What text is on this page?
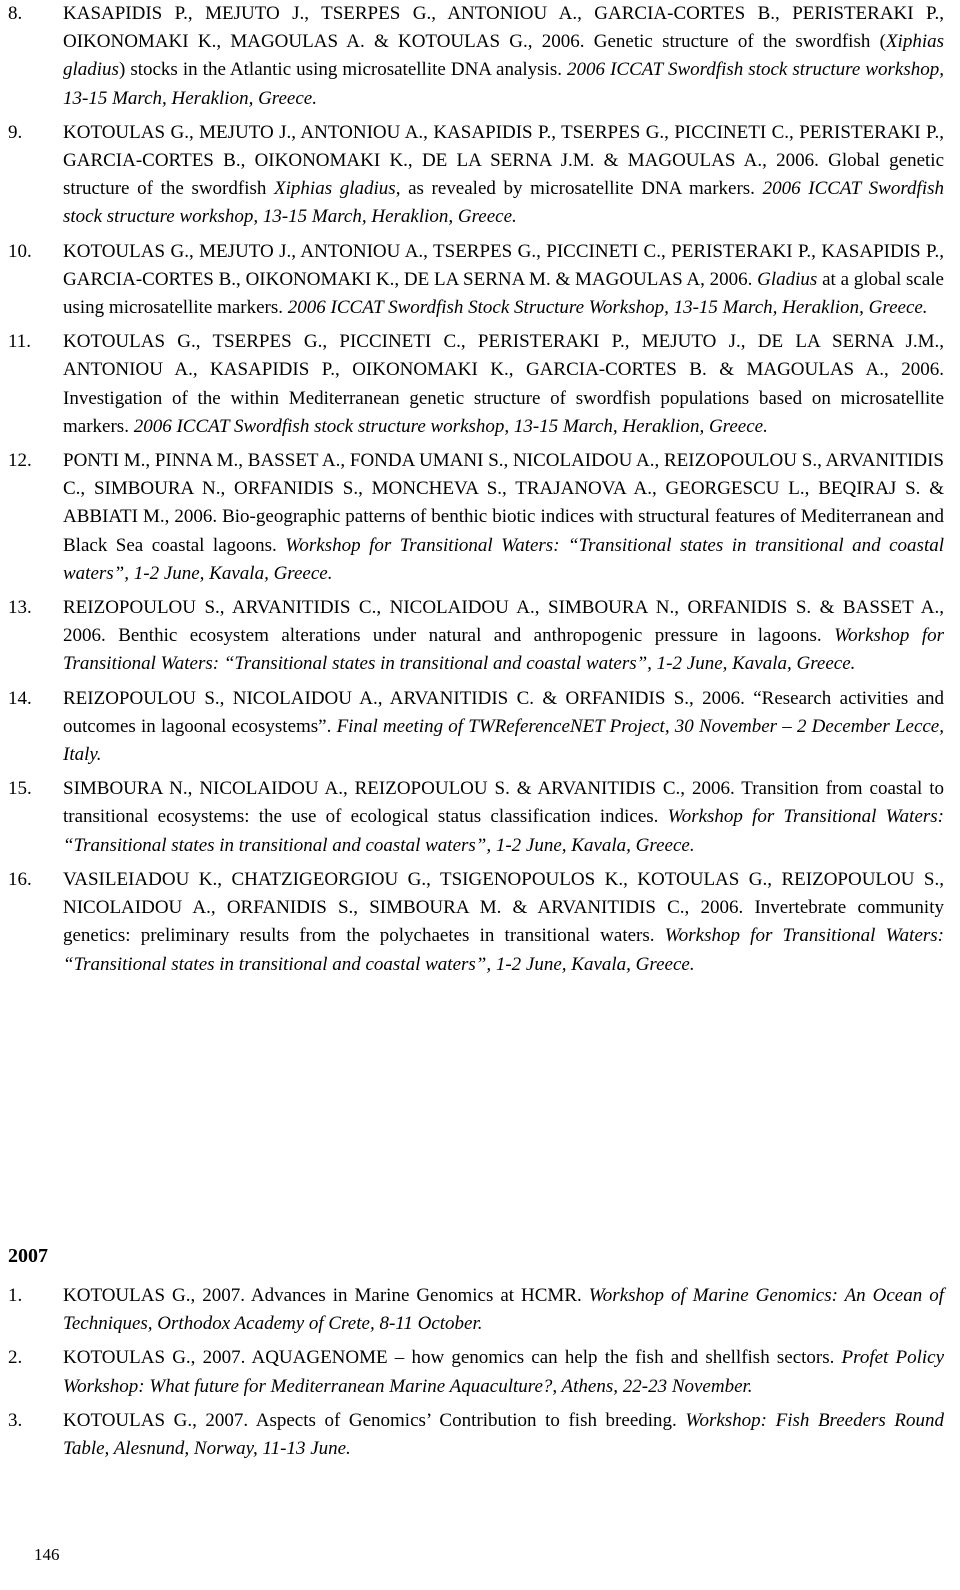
8. KASAPIDIS P., MEJUTO J., TSERPES G., ANTONIOU A., GARCIA-CORTES B., PERISTERAKI P., OIKONOMAKI K., MAGOULAS A. & KOTOULAS G., 2006. Genetic structure of the swordfish (Xiphias gladius) stocks in the Atlantic using microsatellite DNA analysis. 2006 ICCAT Swordfish stock structure workshop, 13-15 March, Heraklion, Greece.
9. KOTOULAS G., MEJUTO J., ANTONIOU A., KASAPIDIS P., TSERPES G., PICCINETI C., PERISTERAKI P., GARCIA-CORTES B., OIKONOMAKI K., DE LA SERNA J.M. & MAGOULAS A., 2006. Global genetic structure of the swordfish Xiphias gladius, as revealed by microsatellite DNA markers. 2006 ICCAT Swordfish stock structure workshop, 13-15 March, Heraklion, Greece.
10. KOTOULAS G., MEJUTO J., ANTONIOU A., TSERPES G., PICCINETI C., PERISTERAKI P., KASAPIDIS P., GARCIA-CORTES B., OIKONOMAKI K., DE LA SERNA M. & MAGOULAS A, 2006. Gladius at a global scale using microsatellite markers. 2006 ICCAT Swordfish Stock Structure Workshop, 13-15 March, Heraklion, Greece.
11. KOTOULAS G., TSERPES G., PICCINETI C., PERISTERAKI P., MEJUTO J., DE LA SERNA J.M., ANTONIOU A., KASAPIDIS P., OIKONOMAKI K., GARCIA-CORTES B. & MAGOULAS A., 2006. Investigation of the within Mediterranean genetic structure of swordfish populations based on microsatellite markers. 2006 ICCAT Swordfish stock structure workshop, 13-15 March, Heraklion, Greece.
12. PONTI M., PINNA M., BASSET A., FONDA UMANI S., NICOLAIDOU A., REIZOPOULOU S., ARVANITIDIS C., SIMBOURA N., ORFANIDIS S., MONCHEVA S., TRAJANOVA A., GEORGESCU L., BEQIRAJ S. & ABBIATI M., 2006. Bio-geographic patterns of benthic biotic indices with structural features of Mediterranean and Black Sea coastal lagoons. Workshop for Transitional Waters: “Transitional states in transitional and coastal waters”, 1-2 June, Kavala, Greece.
13. REIZOPOULOU S., ARVANITIDIS C., NICOLAIDOU A., SIMBOURA N., ORFANIDIS S. & BASSET A., 2006. Benthic ecosystem alterations under natural and anthropogenic pressure in lagoons. Workshop for Transitional Waters: “Transitional states in transitional and coastal waters”, 1-2 June, Kavala, Greece.
14. REIZOPOULOU S., NICOLAIDOU A., ARVANITIDIS C. & ORFANIDIS S., 2006. “Research activities and outcomes in lagoonal ecosystems”. Final meeting of TWReferenceNET Project, 30 November – 2 December Lecce, Italy.
15. SIMBOURA N., NICOLAIDOU A., REIZOPOULOU S. & ARVANITIDIS C., 2006. Transition from coastal to transitional ecosystems: the use of ecological status classification indices. Workshop for Transitional Waters: “Transitional states in transitional and coastal waters”, 1-2 June, Kavala, Greece.
16. VASILEIADOU K., CHATZIGEORGIOU G., TSIGENOPOULOS K., KOTOULAS G., REIZOPOULOU S., NICOLAIDOU A., ORFANIDIS S., SIMBOURA M. & ARVANITIDIS C., 2006. Invertebrate community genetics: preliminary results from the polychaetes in transitional waters. Workshop for Transitional Waters: “Transitional states in transitional and coastal waters”, 1-2 June, Kavala, Greece.
2007
1. KOTOULAS G., 2007. Advances in Marine Genomics at HCMR. Workshop of Marine Genomics: An Ocean of Techniques, Orthodox Academy of Crete, 8-11 October.
2. KOTOULAS G., 2007. AQUAGENOME – how genomics can help the fish and shellfish sectors. Profet Policy Workshop: What future for Mediterranean Marine Aquaculture?, Athens, 22-23 November.
3. KOTOULAS G., 2007. Aspects of Genomics’ Contribution to fish breeding. Workshop: Fish Breeders Round Table, Alesnund, Norway, 11-13 June.
146
